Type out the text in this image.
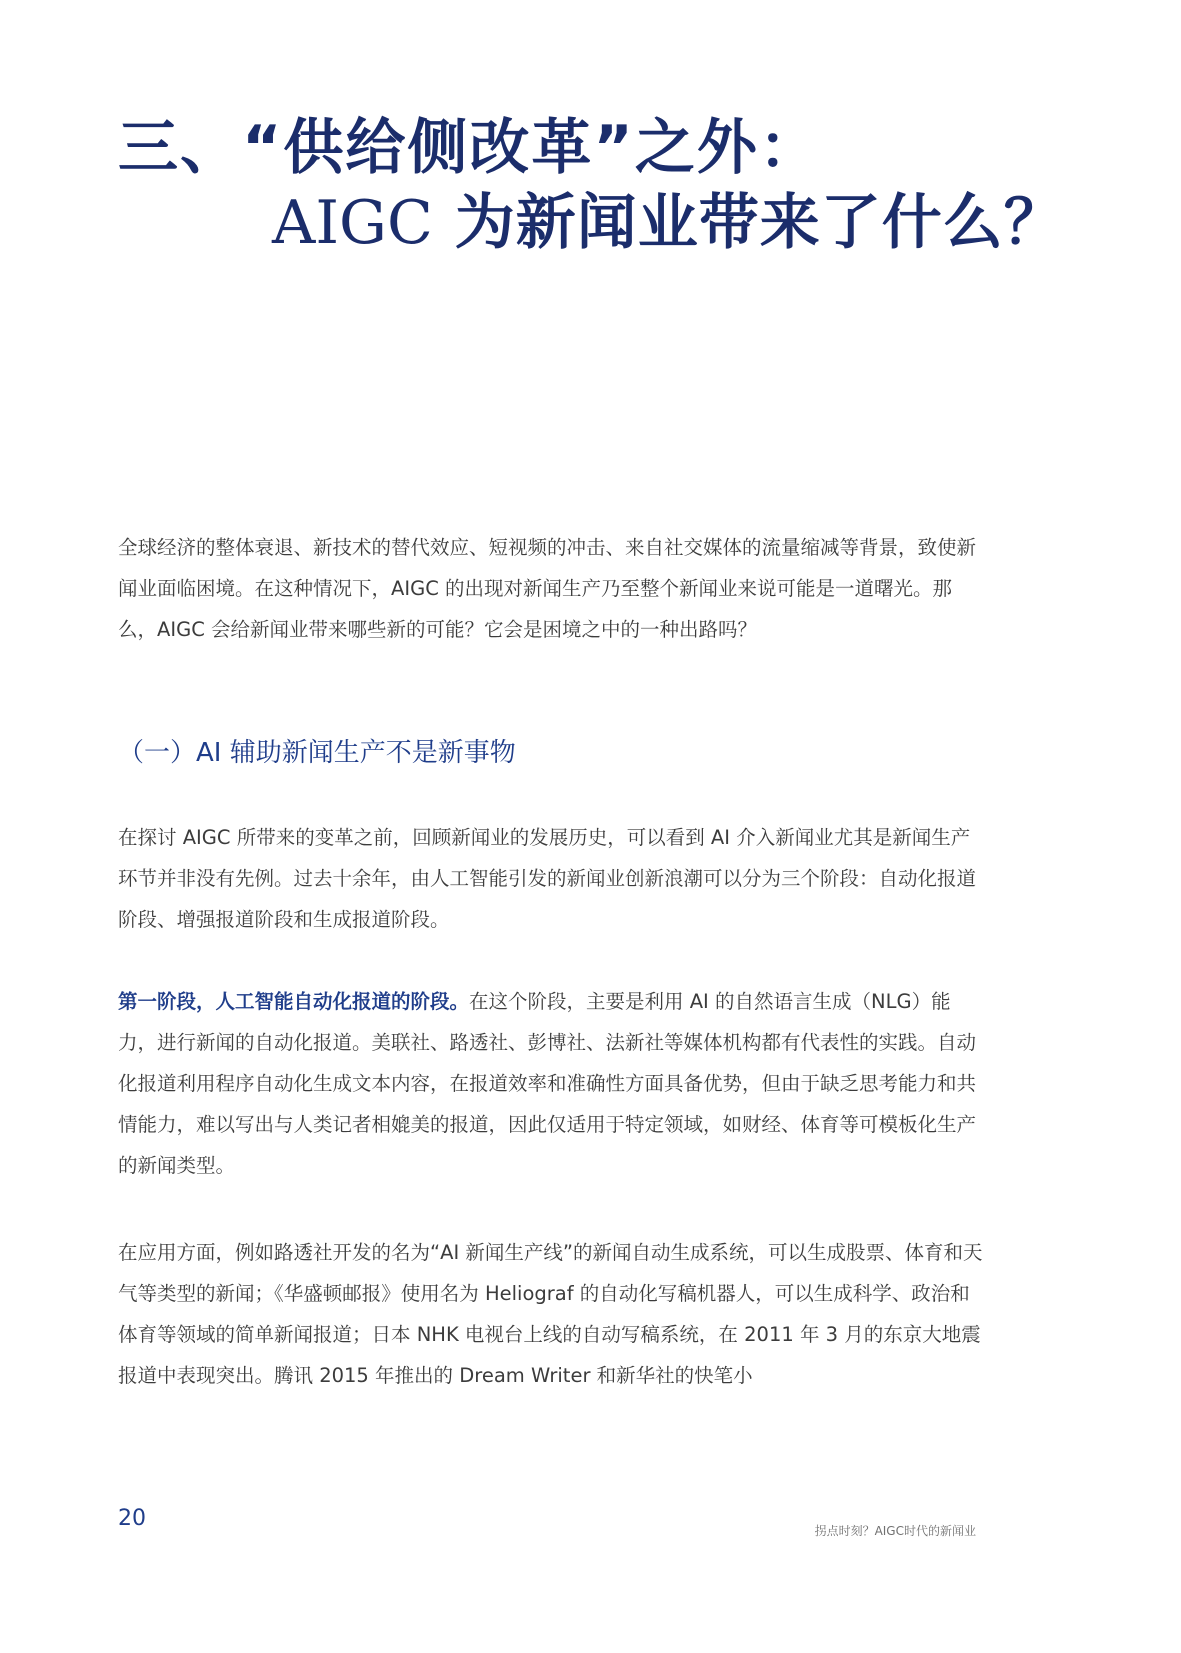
三、“供给侧改革”之外：
AIGC 为新闻业带来了什么？

全球经济的整体衰退、新技术的替代效应、短视频的冲击、来自社交媒体的流量缩减等背景，致使新闻业面临困境。在这种情况下，AIGC 的出现对新闻生产乃至整个新闻业来说可能是一道曙光。那么，AIGC 会给新闻业带来哪些新的可能？它会是困境之中的一种出路吗？

（一）AI 辅助新闻生产不是新事物

在探讨 AIGC 所带来的变革之前，回顾新闻业的发展历史，可以看到 AI 介入新闻业尤其是新闻生产环节并非没有先例。过去十余年，由人工智能引发的新闻业创新浪潮可以分为三个阶段：自动化报道阶段、增强报道阶段和生成报道阶段。

第一阶段，人工智能自动化报道的阶段。在这个阶段，主要是利用 AI 的自然语言生成（NLG）能力，进行新闻的自动化报道。美联社、路透社、彭博社、法新社等媒体机构都有代表性的实践。自动化报道利用程序自动化生成文本内容，在报道效率和准确性方面具备优势，但由于缺乏思考能力和共情能力，难以写出与人类记者相媲美的报道，因此仅适用于特定领域，如财经、体育等可模板化生产的新闻类型。

在应用方面，例如路透社开发的名为“AI 新闻生产线”的新闻自动生成系统，可以生成股票、体育和天气等类型的新闻；《华盛顿邮报》使用名为 Heliograf 的自动化写稿机器人，可以生成科学、政治和体育等领域的简单新闻报道；日本 NHK 电视台上线的自动写稿系统，在 2011 年 3 月的东京大地震报道中表现突出。腾讯 2015 年推出的 Dream Writer 和新华社的快笔小

20	拐点时刻？AIGC时代的新闻业
